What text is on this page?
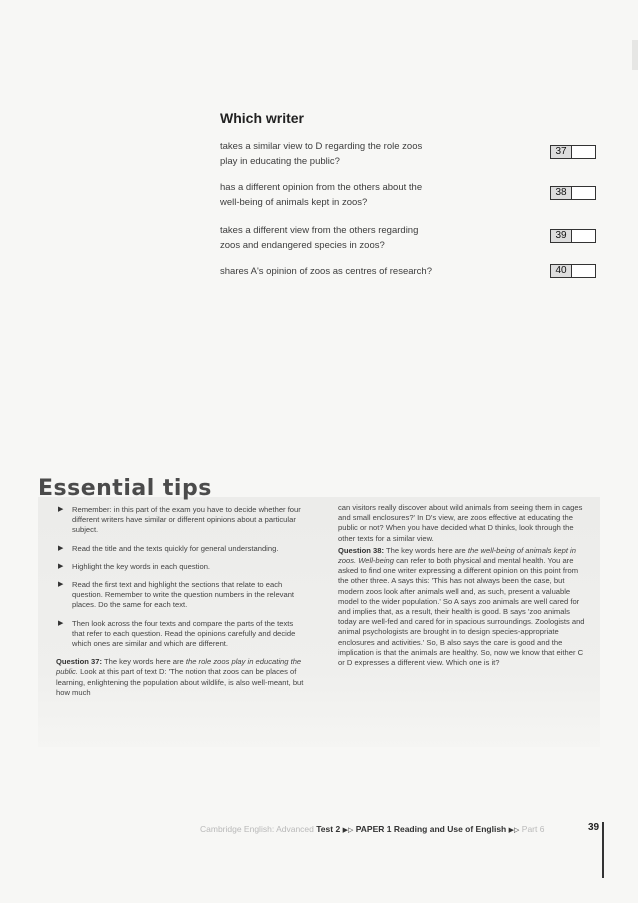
Which writer
takes a similar view to D regarding the role zoos
play in educating the public?
37
has a different opinion from the others about the
well-being of animals kept in zoos?
38
takes a different view from the others regarding
zoos and endangered species in zoos?
39
shares A's opinion of zoos as centres of research?	40
Essential tips
▶ Remember: in this part of the exam you have to decide whether four different writers have similar or different opinions about a particular subject.
▶ Read the title and the texts quickly for general understanding.
▶ Highlight the key words in each question.
▶ Read the first text and highlight the sections that relate to each question. Remember to write the question numbers in the relevant places. Do the same for each text.
▶ Then look across the four texts and compare the parts of the texts that refer to each question. Read the opinions carefully and decide which ones are similar and which are different.

Question 37: The key words here are the role zoos play in educating the public. Look at this part of text D: 'The notion that zoos can be places of learning, enlightening the population about wildlife, is also well-meant, but how much

can visitors really discover about wild animals from seeing them in cages and small enclosures?' In D's view, are zoos effective at educating the public or not? When you have decided what D thinks, look through the other texts for a similar view.

Question 38: The key words here are the well-being of animals kept in zoos. Well-being can refer to both physical and mental health. You are asked to find one writer expressing a different opinion on this point from the other three. A says this: 'This has not always been the case, but modern zoos look after animals well and, as such, present a valuable model to the wider population.' So A says zoo animals are well cared for and implies that, as a result, their health is good. B says 'zoo animals today are well-fed and cared for in spacious surroundings. Zoologists and animal psychologists are brought in to design species-appropriate enclosures and activities.' So, B also says the care is good and the implication is that the animals are healthy. So, now we know that either C or D expresses a different view. Which one is it?

Cambridge English: Advanced Test 2 ▶▷ PAPER 1 Reading and Use of English ▶▷ Part 6	39
